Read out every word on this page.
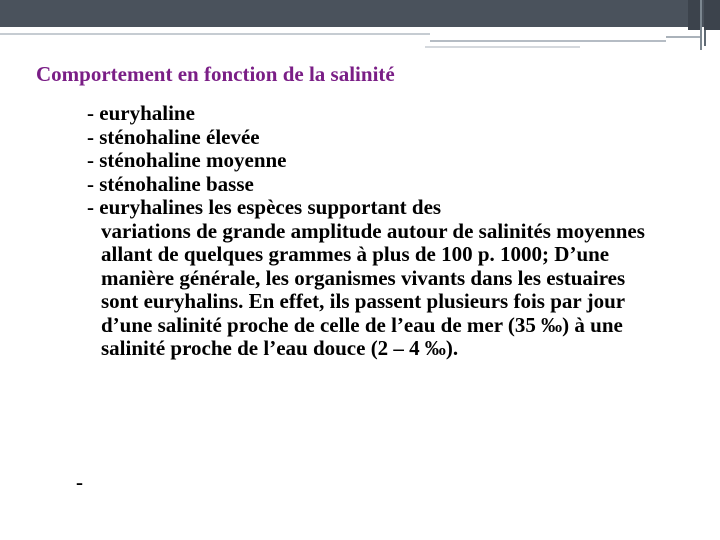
Comportement en fonction de la salinité

- euryhaline

- sténohaline élevée

- sténohaline moyenne

- sténohaline basse

- euryhalines les espèces supportant des
variations de grande amplitude autour de salinités moyennes allant de quelques grammes à plus de 100 p. 1000; D’une manière générale, les organismes vivants dans les estuaires sont euryhalins. En effet, ils passent plusieurs fois par jour d’une salinité proche de celle de l’eau de mer (35 ‰) à une salinité proche de l’eau douce (2 – 4 ‰).

-
